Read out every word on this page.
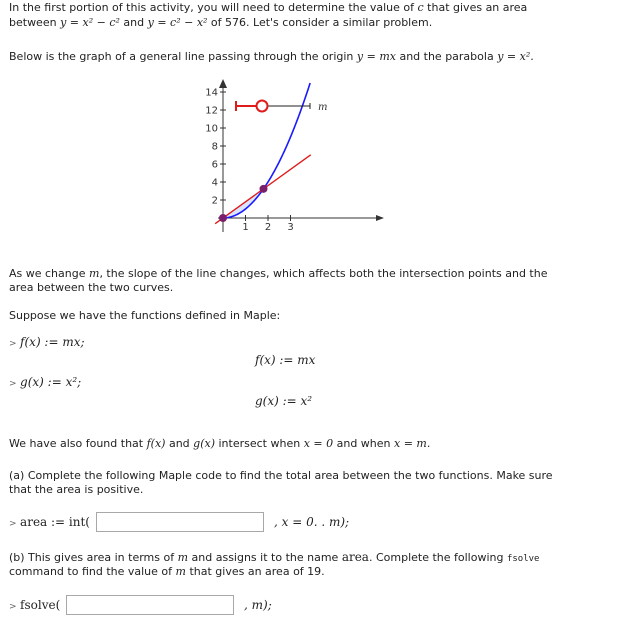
In the first portion of this activity, you will need to determine the value of c that gives an area
between y = x² − c² and y = c² − x² of 576. Let's consider a similar problem.
Below is the graph of a general line passing through the origin y = mx and the parabola y = x².
2
4
6
8
10
12
14
1 2 3
m
As we change m, the slope of the line changes, which affects both the intersection points and the
area between the two curves.
Suppose we have the functions defined in Maple:
> f(x) := mx;
f(x) := mx
> g(x) := x²;
g(x) := x²
We have also found that f(x) and g(x) intersect when x = 0 and when x = m.
(a) Complete the following Maple code to find the total area between the two functions. Make sure
that the area is positive.
> area := int(	, x = 0. . m);
(b) This gives area in terms of m and assigns it to the name area. Complete the following fsolve
command to find the value of m that gives an area of 19.
> fsolve(	, m);
